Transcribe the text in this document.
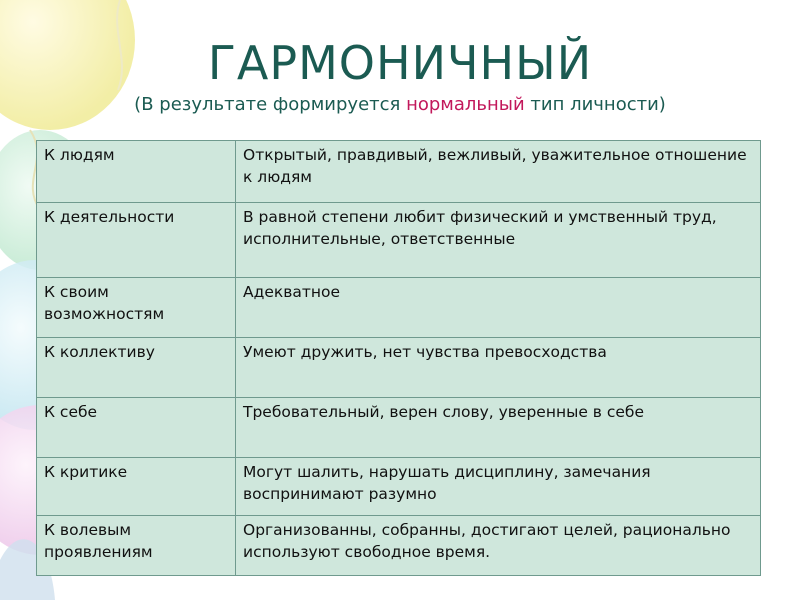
ГАРМОНИЧНЫЙ
(В результате формируется нормальный тип личности)
К людям	Открытый, правдивый, вежливый, уважительное отношение к людям
К деятельности	В равной степени любит физический и умственный труд, исполнительные, ответственные
К своим возможностям	Адекватное
К коллективу	Умеют дружить, нет чувства превосходства
К себе	Требовательный, верен слову, уверенные в себе
К критике	Могут шалить, нарушать дисциплину, замечания воспринимают разумно
К волевым проявлениям	Организованны, собранны, достигают целей, рационально используют свободное время.
